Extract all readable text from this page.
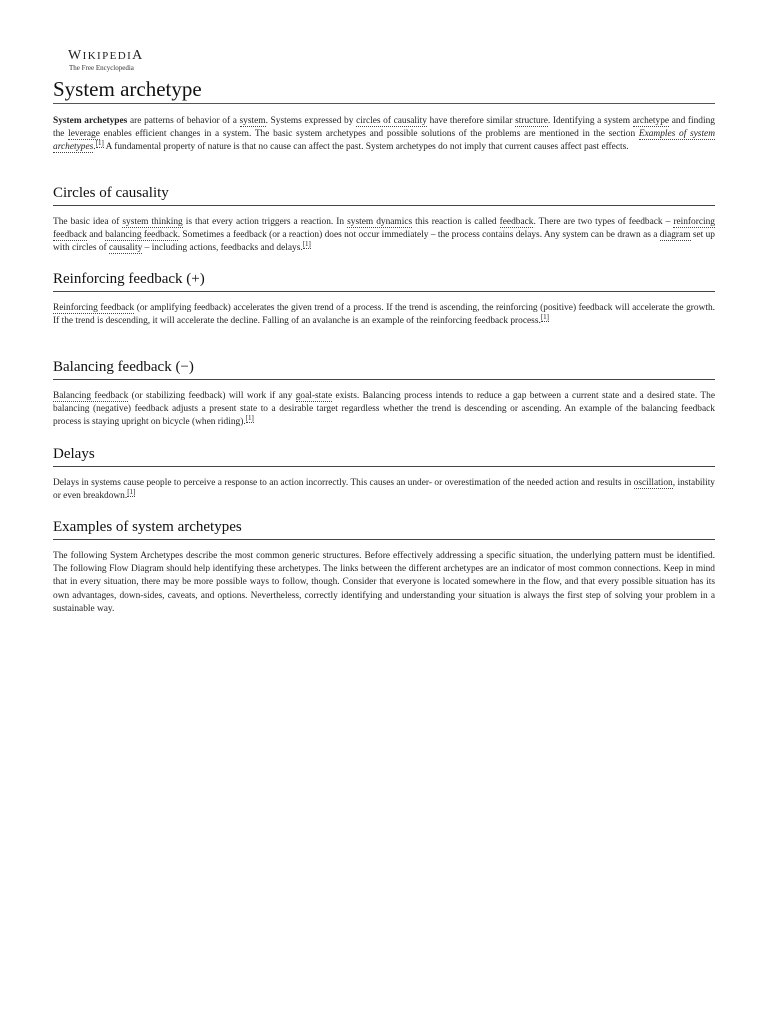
WIKIPEDIA
The Free Encyclopedia
System archetype

System archetypes are patterns of behavior of a system. Systems expressed by circles of causality have therefore similar structure. Identifying a system archetype and finding the leverage enables efficient changes in a system. The basic system archetypes and possible solutions of the problems are mentioned in the section Examples of system archetypes.[1] A fundamental property of nature is that no cause can affect the past. System archetypes do not imply that current causes affect past effects.

Circles of causality

The basic idea of system thinking is that every action triggers a reaction. In system dynamics this reaction is called feedback. There are two types of feedback – reinforcing feedback and balancing feedback. Sometimes a feedback (or a reaction) does not occur immediately – the process contains delays. Any system can be drawn as a diagram set up with circles of causality – including actions, feedbacks and delays.[1]

Reinforcing feedback (+)

Reinforcing feedback (or amplifying feedback) accelerates the given trend of a process. If the trend is ascending, the reinforcing (positive) feedback will accelerate the growth. If the trend is descending, it will accelerate the decline. Falling of an avalanche is an example of the reinforcing feedback process.[1]

Balancing feedback (−)

Balancing feedback (or stabilizing feedback) will work if any goal-state exists. Balancing process intends to reduce a gap between a current state and a desired state. The balancing (negative) feedback adjusts a present state to a desirable target regardless whether the trend is descending or ascending. An example of the balancing feedback process is staying upright on bicycle (when riding).[1]

Delays

Delays in systems cause people to perceive a response to an action incorrectly. This causes an under- or overestimation of the needed action and results in oscillation, instability or even breakdown.[1]

Examples of system archetypes

The following System Archetypes describe the most common generic structures. Before effectively addressing a specific situation, the underlying pattern must be identified. The following Flow Diagram should help identifying these archetypes. The links between the different archetypes are an indicator of most common connections. Keep in mind that in every situation, there may be more possible ways to follow, though. Consider that everyone is located somewhere in the flow, and that every possible situation has its own advantages, down-sides, caveats, and options. Nevertheless, correctly identifying and understanding your situation is always the first step of solving your problem in a sustainable way.
